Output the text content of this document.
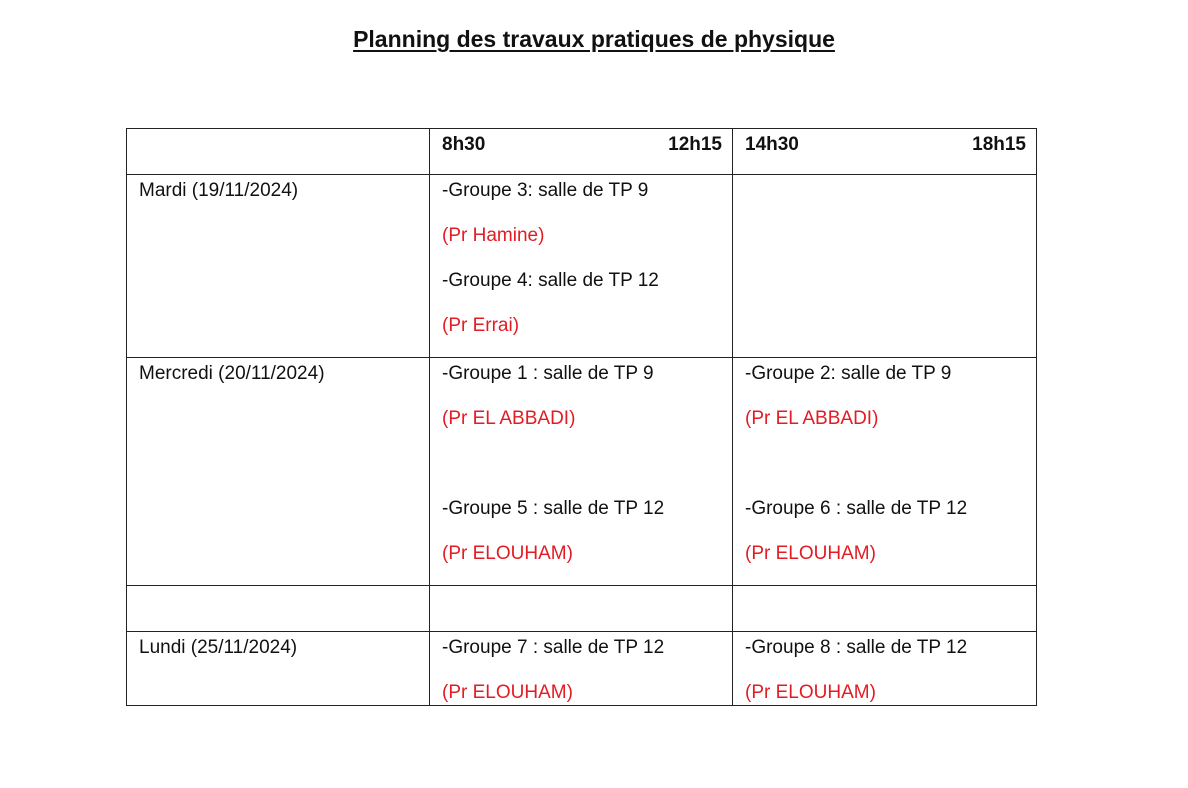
Planning des travaux pratiques de physique

	8h30 12h15	14h30 18h15

Mardi (19/11/2024)	-Groupe 3: salle de TP 9
(Pr Hamine)
-Groupe 4: salle de TP 12
(Pr Errai)	

Mercredi (20/11/2024)	-Groupe 1 : salle de TP 9
(Pr EL ABBADI)
-Groupe 5 : salle de TP 12
(Pr ELOUHAM)	-Groupe 2: salle de TP 9
(Pr EL ABBADI)
-Groupe 6 : salle de TP 12
(Pr ELOUHAM)

Lundi (25/11/2024)	-Groupe 7 : salle de TP 12
(Pr ELOUHAM)	-Groupe 8 : salle de TP 12
(Pr ELOUHAM)
